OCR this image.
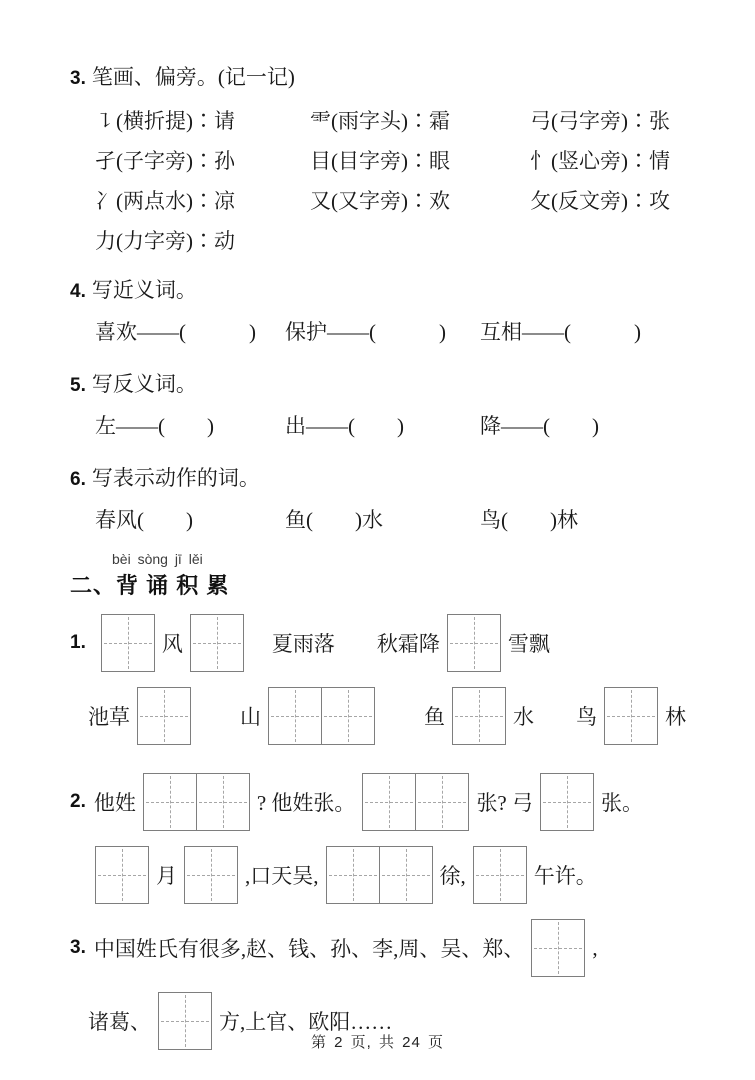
3. 笔画、偏旁。(记一记)
㇊(横折提)∶请	⻗(雨字头)∶霜	弓(弓字旁)∶张
孑(子字旁)∶孙	目(目字旁)∶眼	忄(竖心旁)∶情
冫(两点水)∶凉	又(又字旁)∶欢	攵(反文旁)∶攻
力(力字旁)∶动
4. 写近义词。
喜欢——(            )	保护——(            )	互相——(            )
5. 写反义词。
左——(        )	出——(        )	降——(        )
6. 写表示动作的词。
春风(        )	鱼(        )水	鸟(        )林
bèi sòng jī lěi
二、背 诵 积 累
1.	风	　夏雨落　　秋霜降	雪飘
池草	　　山	　　鱼	水　　鸟	林
2. 他姓	? 他姓张。	张? 弓	张。
月	,口天吴,	徐,	午许。
3. 中国姓氏有很多,赵、钱、孙、李,周、吴、郑、	,
诸葛、	方,上官、欧阳……
第 2 页, 共 24 页
